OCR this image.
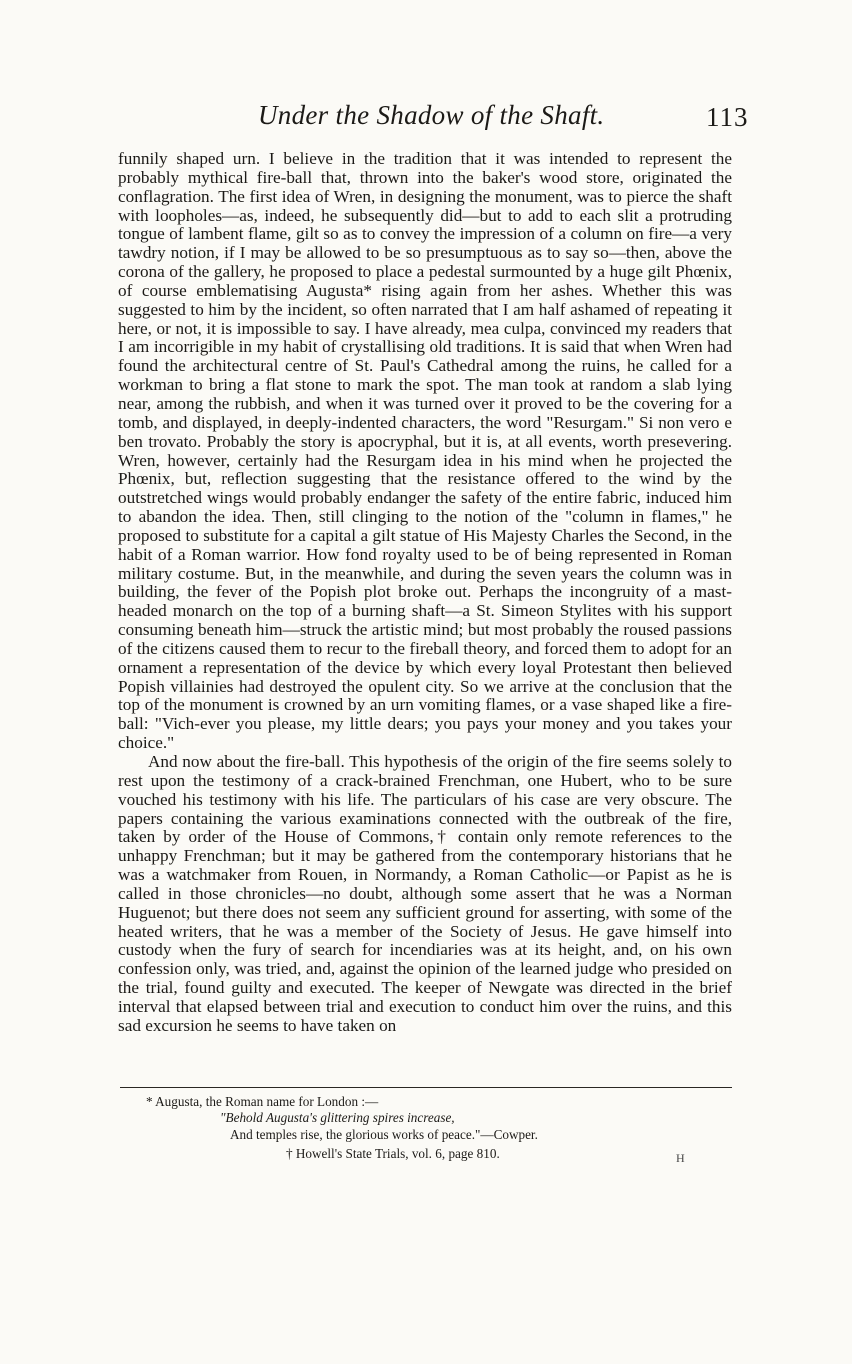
Under the Shadow of the Shaft.	113

funnily shaped urn. I believe in the tradition that it was intended to represent the probably mythical fire-ball that, thrown into the baker's wood store, originated the conflagration. The first idea of Wren, in designing the monument, was to pierce the shaft with loopholes—as, indeed, he subsequently did—but to add to each slit a protruding tongue of lambent flame, gilt so as to convey the impression of a column on fire—a very tawdry notion, if I may be allowed to be so presumptuous as to say so—then, above the corona of the gallery, he proposed to place a pedestal surmounted by a huge gilt Phœnix, of course emblematising Augusta* rising again from her ashes. Whether this was suggested to him by the incident, so often narrated that I am half ashamed of repeating it here, or not, it is impossible to say. I have already, mea culpa, convinced my readers that I am incorrigible in my habit of crystallising old traditions. It is said that when Wren had found the architectural centre of St. Paul's Cathedral among the ruins, he called for a workman to bring a flat stone to mark the spot. The man took at random a slab lying near, among the rubbish, and when it was turned over it proved to be the covering for a tomb, and displayed, in deeply-indented characters, the word "Resurgam." Si non vero e ben trovato. Probably the story is apocryphal, but it is, at all events, worth presevering. Wren, however, certainly had the Resurgam idea in his mind when he projected the Phœnix, but, reflection suggesting that the resistance offered to the wind by the outstretched wings would probably endanger the safety of the entire fabric, induced him to abandon the idea. Then, still clinging to the notion of the "column in flames," he proposed to substitute for a capital a gilt statue of His Majesty Charles the Second, in the habit of a Roman warrior. How fond royalty used to be of being represented in Roman military costume. But, in the meanwhile, and during the seven years the column was in building, the fever of the Popish plot broke out. Perhaps the incongruity of a mast-headed monarch on the top of a burning shaft—a St. Simeon Stylites with his support consuming beneath him—struck the artistic mind; but most probably the roused passions of the citizens caused them to recur to the fireball theory, and forced them to adopt for an ornament a representation of the device by which every loyal Protestant then believed Popish villainies had destroyed the opulent city. So we arrive at the conclusion that the top of the monument is crowned by an urn vomiting flames, or a vase shaped like a fire-ball: "Vich-ever you please, my little dears; you pays your money and you takes your choice."

And now about the fire-ball. This hypothesis of the origin of the fire seems solely to rest upon the testimony of a crack-brained Frenchman, one Hubert, who to be sure vouched his testimony with his life. The particulars of his case are very obscure. The papers containing the various examinations connected with the outbreak of the fire, taken by order of the House of Commons,† contain only remote references to the unhappy Frenchman; but it may be gathered from the contemporary historians that he was a watchmaker from Rouen, in Normandy, a Roman Catholic—or Papist as he is called in those chronicles—no doubt, although some assert that he was a Norman Huguenot; but there does not seem any sufficient ground for asserting, with some of the heated writers, that he was a member of the Society of Jesus. He gave himself into custody when the fury of search for incendiaries was at its height, and, on his own confession only, was tried, and, against the opinion of the learned judge who presided on the trial, found guilty and executed. The keeper of Newgate was directed in the brief interval that elapsed between trial and execution to conduct him over the ruins, and this sad excursion he seems to have taken on

* Augusta, the Roman name for London :—
"Behold Augusta's glittering spires increase,
And temples rise, the glorious works of peace."—Cowper.
† Howell's State Trials, vol. 6, page 810.	H
